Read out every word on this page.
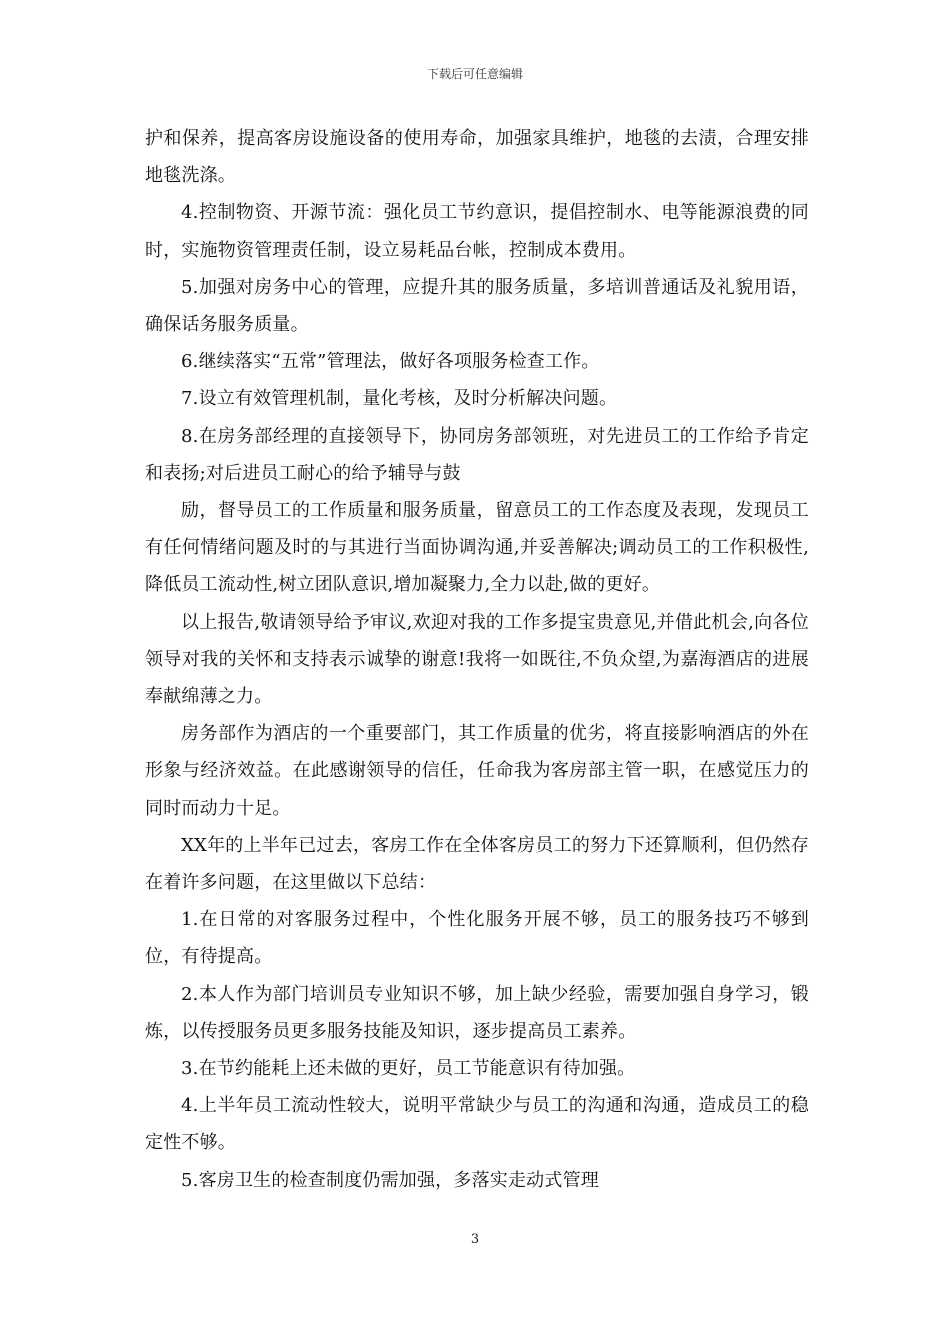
下载后可任意编辑

护和保养，提高客房设施设备的使用寿命，加强家具维护，地毯的去渍，合理安排地毯洗涤。

4.控制物资、开源节流：强化员工节约意识，提倡控制水、电等能源浪费的同时，实施物资管理责任制，设立易耗品台帐，控制成本费用。

5.加强对房务中心的管理，应提升其的服务质量，多培训普通话及礼貌用语，确保话务服务质量。

6.继续落实“五常”管理法，做好各项服务检查工作。

7.设立有效管理机制，量化考核，及时分析解决问题。

8.在房务部经理的直接领导下，协同房务部领班，对先进员工的工作给予肯定和表扬;对后进员工耐心的给予辅导与鼓

励，督导员工的工作质量和服务质量，留意员工的工作态度及表现，发现员工有任何情绪问题及时的与其进行当面协调沟通,并妥善解决;调动员工的工作积极性,降低员工流动性,树立团队意识,增加凝聚力,全力以赴,做的更好。

以上报告,敬请领导给予审议,欢迎对我的工作多提宝贵意见,并借此机会,向各位领导对我的关怀和支持表示诚挚的谢意!我将一如既往,不负众望,为嘉海酒店的进展奉献绵薄之力。

房务部作为酒店的一个重要部门，其工作质量的优劣，将直接影响酒店的外在形象与经济效益。在此感谢领导的信任，任命我为客房部主管一职，在感觉压力的同时而动力十足。

XX年的上半年已过去，客房工作在全体客房员工的努力下还算顺利，但仍然存在着许多问题，在这里做以下总结：

1.在日常的对客服务过程中，个性化服务开展不够，员工的服务技巧不够到位，有待提高。

2.本人作为部门培训员专业知识不够，加上缺少经验，需要加强自身学习，锻炼，以传授服务员更多服务技能及知识，逐步提高员工素养。

3.在节约能耗上还未做的更好，员工节能意识有待加强。

4.上半年员工流动性较大，说明平常缺少与员工的沟通和沟通，造成员工的稳定性不够。

5.客房卫生的检查制度仍需加强，多落实走动式管理

3
